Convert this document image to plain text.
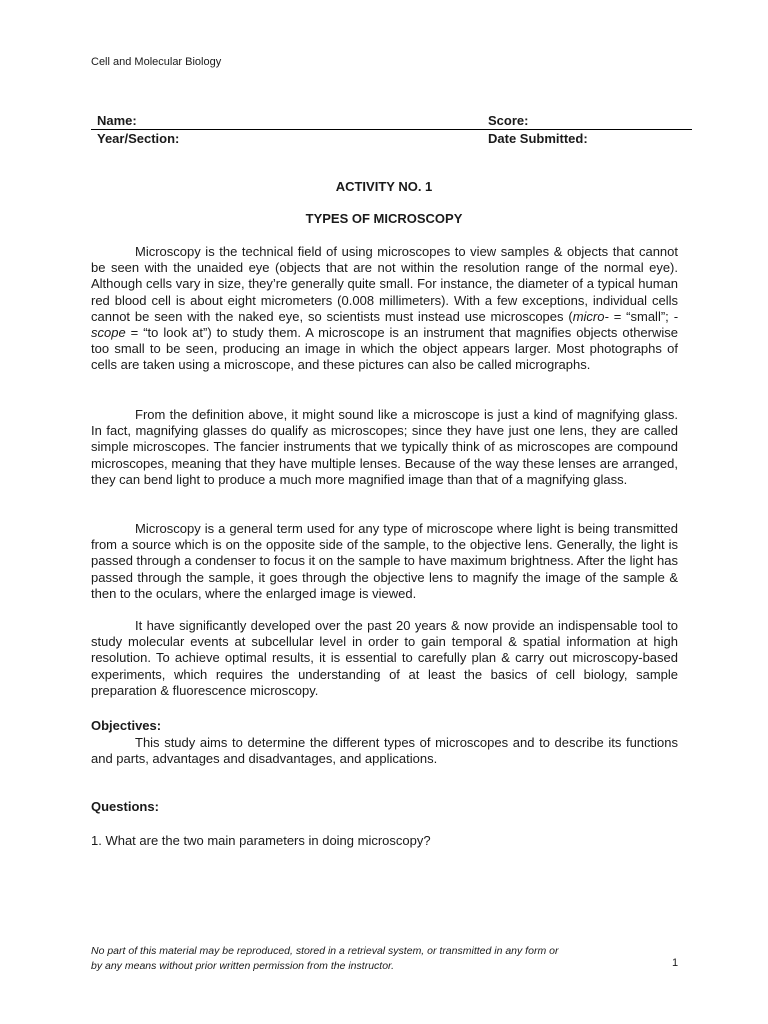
Cell and Molecular Biology
Name:	Score:
Year/Section:	Date Submitted:
ACTIVITY NO. 1
TYPES OF MICROSCOPY

Microscopy is the technical field of using microscopes to view samples & objects that cannot be seen with the unaided eye (objects that are not within the resolution range of the normal eye). Although cells vary in size, they’re generally quite small. For instance, the diameter of a typical human red blood cell is about eight micrometers (0.008 millimeters). With a few exceptions, individual cells cannot be seen with the naked eye, so scientists must instead use microscopes (micro- = “small”; -scope = “to look at”) to study them. A microscope is an instrument that magnifies objects otherwise too small to be seen, producing an image in which the object appears larger. Most photographs of cells are taken using a microscope, and these pictures can also be called micrographs.

From the definition above, it might sound like a microscope is just a kind of magnifying glass. In fact, magnifying glasses do qualify as microscopes; since they have just one lens, they are called simple microscopes. The fancier instruments that we typically think of as microscopes are compound microscopes, meaning that they have multiple lenses. Because of the way these lenses are arranged, they can bend light to produce a much more magnified image than that of a magnifying glass.

Microscopy is a general term used for any type of microscope where light is being transmitted from a source which is on the opposite side of the sample, to the objective lens. Generally, the light is passed through a condenser to focus it on the sample to have maximum brightness. After the light has passed through the sample, it goes through the objective lens to magnify the image of the sample & then to the oculars, where the enlarged image is viewed.

It have significantly developed over the past 20 years & now provide an indispensable tool to study molecular events at subcellular level in order to gain temporal & spatial information at high resolution. To achieve optimal results, it is essential to carefully plan & carry out microscopy-based experiments, which requires the understanding of at least the basics of cell biology, sample preparation & fluorescence microscopy.

Objectives:

This study aims to determine the different types of microscopes and to describe its functions and parts, advantages and disadvantages, and applications.

Questions:
1. What are the two main parameters in doing microscopy?
No part of this material may be reproduced, stored in a retrieval system, or transmitted in any form or
by any means without prior written permission from the instructor.	1
